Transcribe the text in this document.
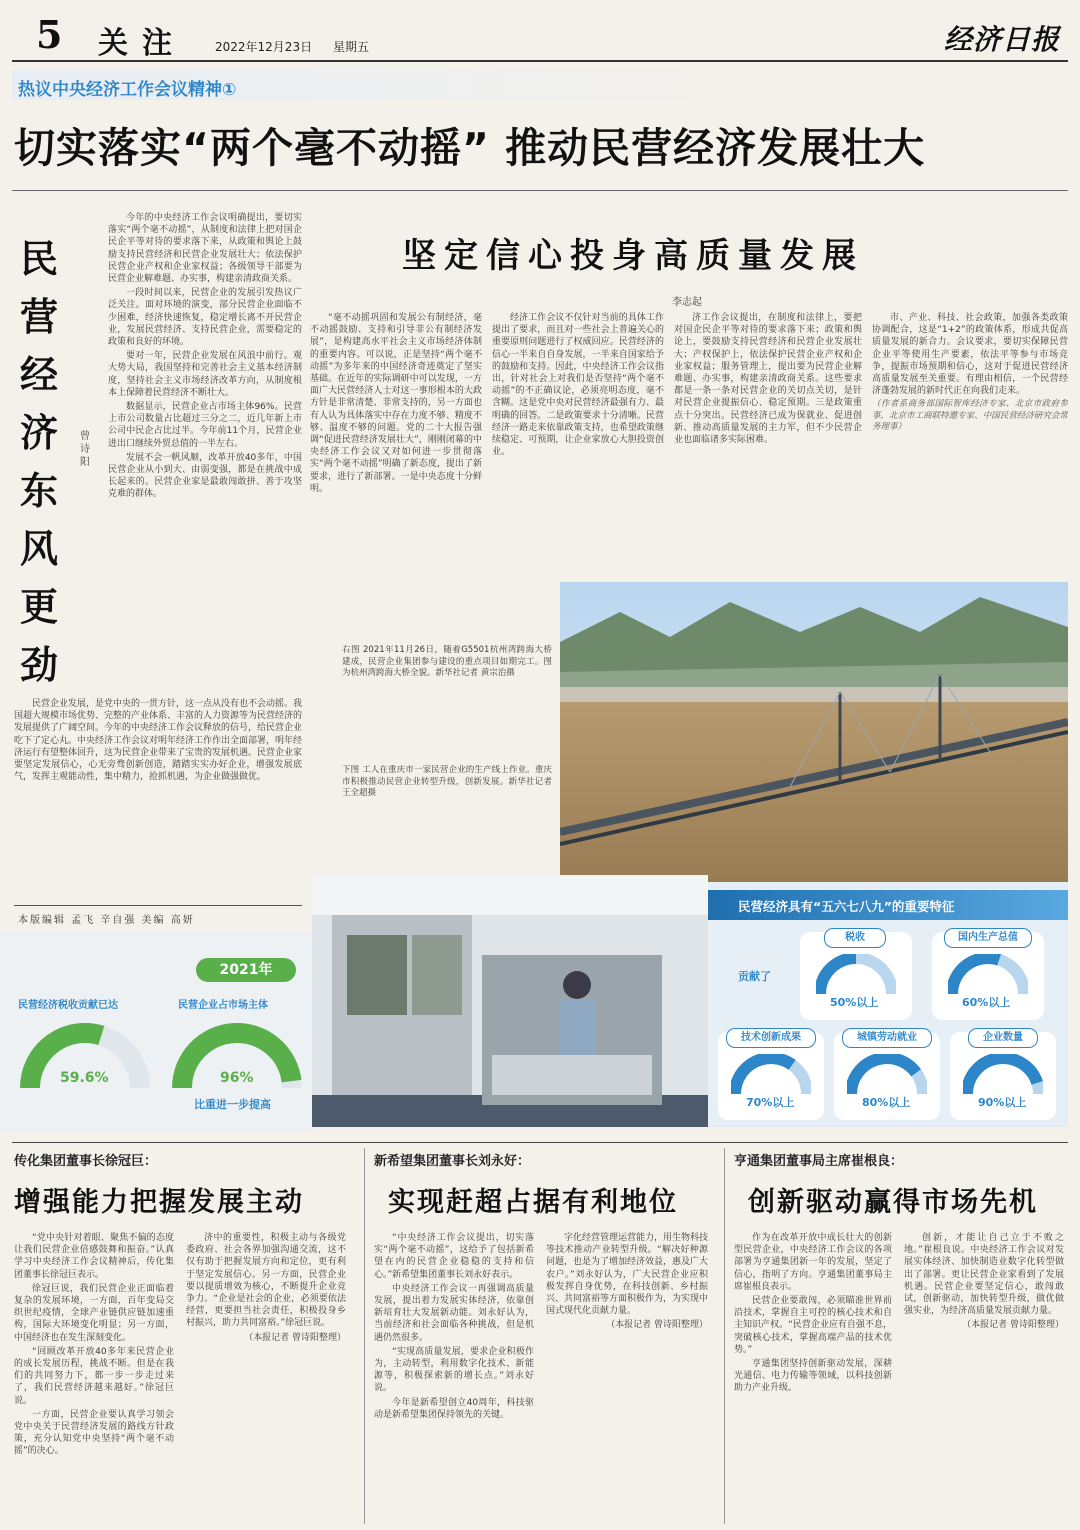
5 关注 2022年12月23日 星期五	经济日报
热议中央经济工作会议精神①
切实落实“两个毫不动摇” 推动民营经济发展壮大
民营经济东风更劲
曾诗阳

今年的中央经济工作会议明确提出，要切实落实“两个毫不动摇”，从制度和法律上把对国企民企平等对待的要求落下来，从政策和舆论上鼓励支持民营经济和民营企业发展壮大；依法保护民营企业产权和企业家权益；各级领导干部要为民营企业解难题、办实事，构建亲清政商关系。

一段时间以来，民营企业的发展引发热议广泛关注。面对环境的演变，部分民营企业面临不少困难，经济快速恢复，稳定增长离不开民营企业，发展民营经济、支持民营企业，需要稳定的政策和良好的环境。

要对一年，民营企业发展在风浪中前行。观大势大局，我国坚持和完善社会主义基本经济制度，坚持社会主义市场经济改革方向，从制度根本上保障着民营经济不断壮大。

数据显示，民营企业占市场主体96%。民营上市公司数量占比超过三分之二，近几年新上市公司中民企占比过半。今年前11个月，民营企业进出口继续外贸总值的一半左右。

发展不会一帆风顺，改革开放40多年，中国民营企业从小到大、由弱变强，都是在挑战中成长起来的。民营企业家是最敢闯敢拼、善于攻坚克难的群体。

民营企业发展，是党中央的一贯方针，这一点从没有也不会动摇。我国超大规模市场优势、完整的产业体系、丰富的人力资源等为民营经济的发展提供了广阔空间。今年的中央经济工作会议释放的信号，给民营企业吃下了定心丸。中央经济工作会议对明年经济工作作出全面部署，明年经济运行有望整体回升，这为民营企业带来了宝贵的发展机遇。民营企业家要坚定发展信心，心无旁骛创新创造，踏踏实实办好企业，增强发展底气，发挥主观能动性，集中精力，抢抓机遇，为企业做强做优。

本版编辑 孟飞 辛自强 美编 高妍
坚定信心投身高质量发展
李志起

“毫不动摇巩固和发展公有制经济，毫不动摇鼓励、支持和引导非公有制经济发展”，是构建高水平社会主义市场经济体制的重要内容。可以说，正是坚持“两个毫不动摇”为多年来的中国经济奇迹奠定了坚实基础。在近年的实际调研中可以发现，一方面广大民营经济人士对这一事形根本的大政方针是非常清楚、非常支持的，另一方面也有人认为具体落实中存在力度不够、精度不够、温度不够的问题。党的二十大报告强调“促进民营经济发展壮大”，刚刚闭幕的中央经济工作会议又对如何进一步贯彻落实“两个毫不动摇”明确了新态度，提出了新要求，进行了新部署。一是中央态度十分鲜明。

经济工作会议不仅针对当前的具体工作提出了要求，而且对一些社会上普遍关心的重要原则问题进行了权威回应。民营经济的信心一半来自自身发展，一半来自国家给予的鼓励和支持。因此，中央经济工作会议指出，针对社会上对我们是否坚持“两个毫不动摇”的不正确议论，必须亮明态度，毫不含糊。这是党中央对民营经济最强有力、最明确的回答。二是政策要求十分清晰。民营经济一路走来依靠政策支持，也希望政策继续稳定、可预期，让企业家放心大胆投资创业。

济工作会议提出，在制度和法律上，要把对国企民企平等对待的要求落下来；政策和舆论上，要鼓励支持民营经济和民营企业发展壮大；产权保护上，依法保护民营企业产权和企业家权益；服务管理上，提出要为民营企业解难题、办实事，构建亲清政商关系。这些要求都是一条一条对民营企业的关切点关切，是针对民营企业提振信心、稳定预期。三是政策重点十分突出。民营经济已成为保就业、促进创新、推动高质量发展的主力军，但不少民营企业也面临诸多实际困难。

市、产业、科技、社会政策，加强各类政策协调配合，这是“1+2”的政策体系，形成共促高质量发展的新合力。会议要求，要切实保障民营企业平等使用生产要素，依法平等参与市场竞争，提振市场预期和信心，这对于促进民营经济高质量发展至关重要。有理由相信，一个民营经济蓬勃发展的新时代正在向我们走来。

（作者系商务部国际智库经济专家、北京市政府参事，北京市工商联特邀专家、中国民营经济研究会常务理事）

右图 2021年11月26日，随着G5501杭州湾跨海大桥建成，民营企业集团参与建设的重点项目如期完工。图为杭州湾跨海大桥全貌。新华社记者 黄宗治摄

下图 工人在重庆市一家民营企业的生产线上作业。重庆市积极推动民营企业转型升级，创新发展。新华社记者 王全超摄

民营经济具有“五六七八九”的重要特征
贡献了
税收
50%以上
国内生产总值
60%以上
技术创新成果
70%以上
城镇劳动就业
80%以上
企业数量
90%以上
2021年
民营经济税收贡献已达	民营企业占市场主体
59.6%	96%
比重进一步提高
传化集团董事长徐冠巨：
增强能力把握发展主动

“党中央针对着眼、聚焦不偏的态度让我们民营企业倍感鼓舞和振奋。”认真学习中央经济工作会议精神后，传化集团董事长徐冠巨表示。

徐冠巨说，我们民营企业正面临着复杂的发展环境，一方面，百年变局交织世纪疫情，全球产业链供应链加速重构，国际大环境变化明显；另一方面，中国经济也在发生深刻变化。

“回顾改革开放40多年来民营企业的成长发展历程，挑战不断。但是在我们的共同努力下，都一步一步走过来了，我们民营经济越来越好。”徐冠巨说。

一方面，民营企业要认真学习领会党中央关于民营经济发展的路线方针政策，充分认知党中央坚持“两个毫不动摇”的决心。

济中的重要性，积极主动与各级党委政府、社会各界加强沟通交流，这不仅有助于把握发展方向和定位，更有利于坚定发展信心。另一方面，民营企业要以提质增效为核心，不断提升企业竞争力。“企业是社会的企业，必须要依法经营，更要担当社会责任，积极投身乡村振兴，助力共同富裕。”徐冠巨说。

（本报记者 曾诗阳整理）

新希望集团董事长刘永好：
实现赶超占据有利地位

“中央经济工作会议提出，切实落实“两个毫不动摇”，这给予了包括新希望在内的民营企业稳稳的支持和信心。”新希望集团董事长刘永好表示。

中央经济工作会议一再强调高质量发展，提出着力发展实体经济，依靠创新培育壮大发展新动能。刘永好认为，当前经济和社会面临各种挑战，但是机遇仍然很多。

“实现高质量发展，要求企业积极作为，主动转型，利用数字化技术、新能源等，积极探索新的增长点。”刘永好说。

今年是新希望创立40周年，科技驱动是新希望集团保持领先的关键。

字化经营管理运营能力，用生物科技等技术推动产业转型升级。“解决好种源问题，也是为了增加经济效益，惠及广大农户。”刘永好认为，广大民营企业应积极发挥自身优势，在科技创新、乡村振兴、共同富裕等方面积极作为，为实现中国式现代化贡献力量。

（本报记者 曾诗阳整理）

亨通集团董事局主席崔根良：
创新驱动赢得市场先机

作为在改革开放中成长壮大的创新型民营企业，中央经济工作会议的各项部署为亨通集团新一年的发展，坚定了信心，指明了方向。亨通集团董事局主席崔根良表示。

民营企业要敢闯，必须瞄准世界前沿技术，掌握自主可控的核心技术和自主知识产权。“民营企业应有自强不息，突破核心技术，掌握高端产品的技术优势。”

亨通集团坚持创新驱动发展，深耕光通信、电力传输等领域，以科技创新助力产业升级。

创新，才能让自己立于不败之地。”崔根良说。中央经济工作会议对发展实体经济、加快制造业数字化转型做出了部署。更让民营企业家看到了发展机遇。民营企业要坚定信心，敢闯敢试，创新驱动，加快转型升级，做优做强实业，为经济高质量发展贡献力量。

（本报记者 曾诗阳整理）
